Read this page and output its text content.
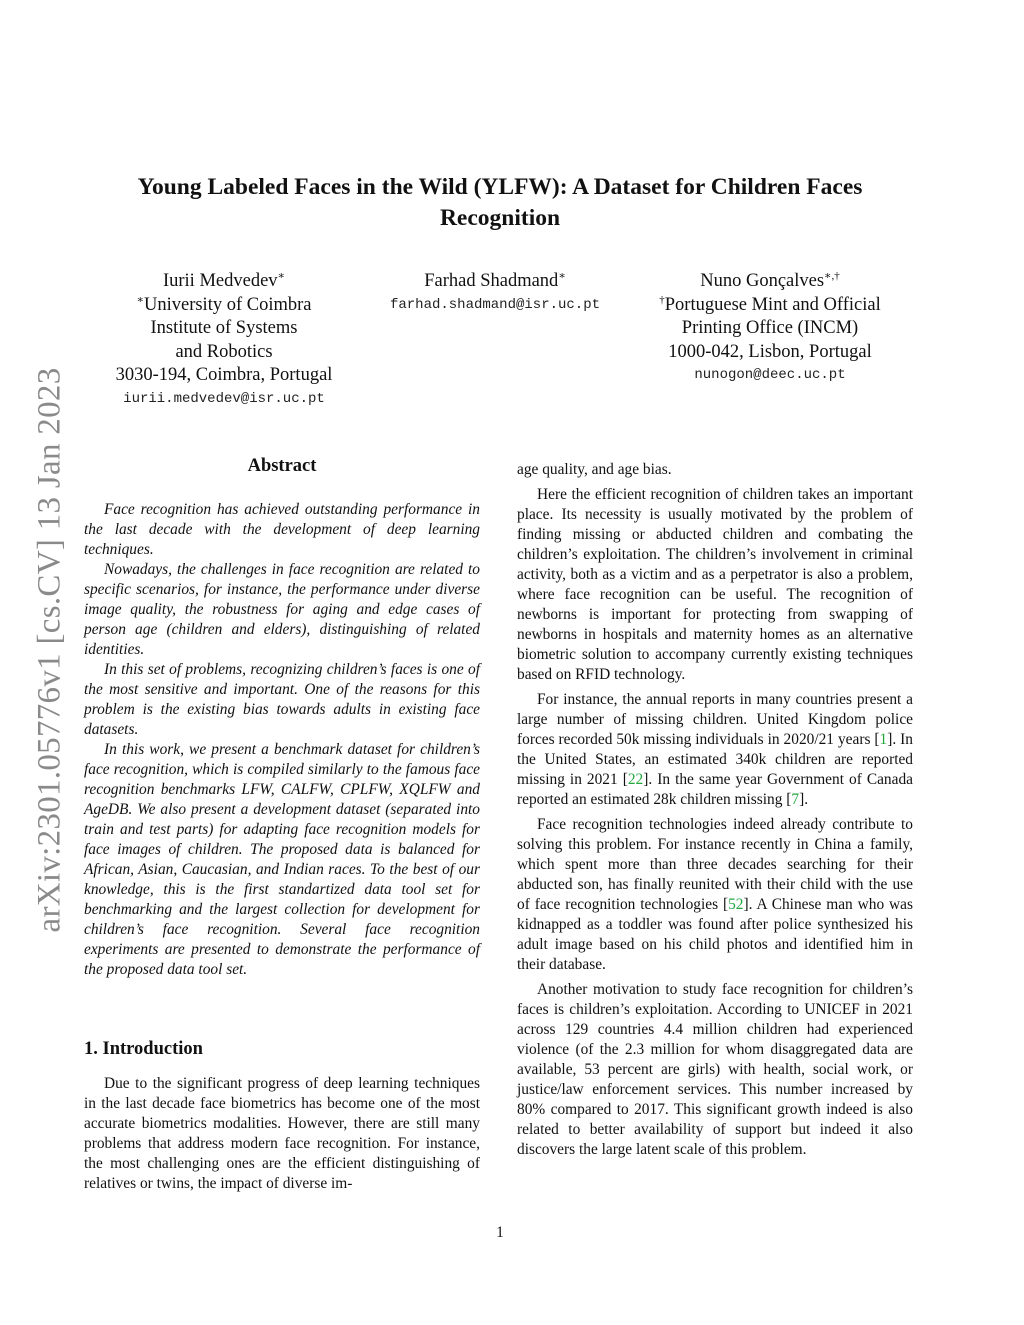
arXiv:2301.05776v1 [cs.CV] 13 Jan 2023
Young Labeled Faces in the Wild (YLFW): A Dataset for Children Faces Recognition
Iurii Medvedev∗
∗University of Coimbra
Institute of Systems
and Robotics
3030-194, Coimbra, Portugal
iurii.medvedev@isr.uc.pt
Farhad Shadmand∗
farhad.shadmand@isr.uc.pt
Nuno Gonçalves∗,†
†Portuguese Mint and Official
Printing Office (INCM)
1000-042, Lisbon, Portugal
nunogon@deec.uc.pt
Abstract

Face recognition has achieved outstanding performance in the last decade with the development of deep learning techniques.

Nowadays, the challenges in face recognition are related to specific scenarios, for instance, the performance under diverse image quality, the robustness for aging and edge cases of person age (children and elders), distinguishing of related identities.

In this set of problems, recognizing children’s faces is one of the most sensitive and important. One of the reasons for this problem is the existing bias towards adults in existing face datasets.

In this work, we present a benchmark dataset for children’s face recognition, which is compiled similarly to the famous face recognition benchmarks LFW, CALFW, CPLFW, XQLFW and AgeDB. We also present a development dataset (separated into train and test parts) for adapting face recognition models for face images of children. The proposed data is balanced for African, Asian, Caucasian, and Indian races. To the best of our knowledge, this is the first standartized data tool set for benchmarking and the largest collection for development for children’s face recognition. Several face recognition experiments are presented to demonstrate the performance of the proposed data tool set.

1. Introduction

Due to the significant progress of deep learning techniques in the last decade face biometrics has become one of the most accurate biometrics modalities. However, there are still many problems that address modern face recognition. For instance, the most challenging ones are the efficient distinguishing of relatives or twins, the impact of diverse im-

age quality, and age bias.

Here the efficient recognition of children takes an important place. Its necessity is usually motivated by the problem of finding missing or abducted children and combating the children’s exploitation. The children’s involvement in criminal activity, both as a victim and as a perpetrator is also a problem, where face recognition can be useful. The recognition of newborns is important for protecting from swapping of newborns in hospitals and maternity homes as an alternative biometric solution to accompany currently existing techniques based on RFID technology.

For instance, the annual reports in many countries present a large number of missing children. United Kingdom police forces recorded 50k missing individuals in 2020/21 years [1]. In the United States, an estimated 340k children are reported missing in 2021 [22]. In the same year Government of Canada reported an estimated 28k children missing [7].

Face recognition technologies indeed already contribute to solving this problem. For instance recently in China a family, which spent more than three decades searching for their abducted son, has finally reunited with their child with the use of face recognition technologies [52]. A Chinese man who was kidnapped as a toddler was found after police synthesized his adult image based on his child photos and identified him in their database.

Another motivation to study face recognition for children’s faces is children’s exploitation. According to UNICEF in 2021 across 129 countries 4.4 million children had experienced violence (of the 2.3 million for whom disaggregated data are available, 53 percent are girls) with health, social work, or justice/law enforcement services. This number increased by 80% compared to 2017. This significant growth indeed is also related to better availability of support but indeed it also discovers the large latent scale of this problem.

1
